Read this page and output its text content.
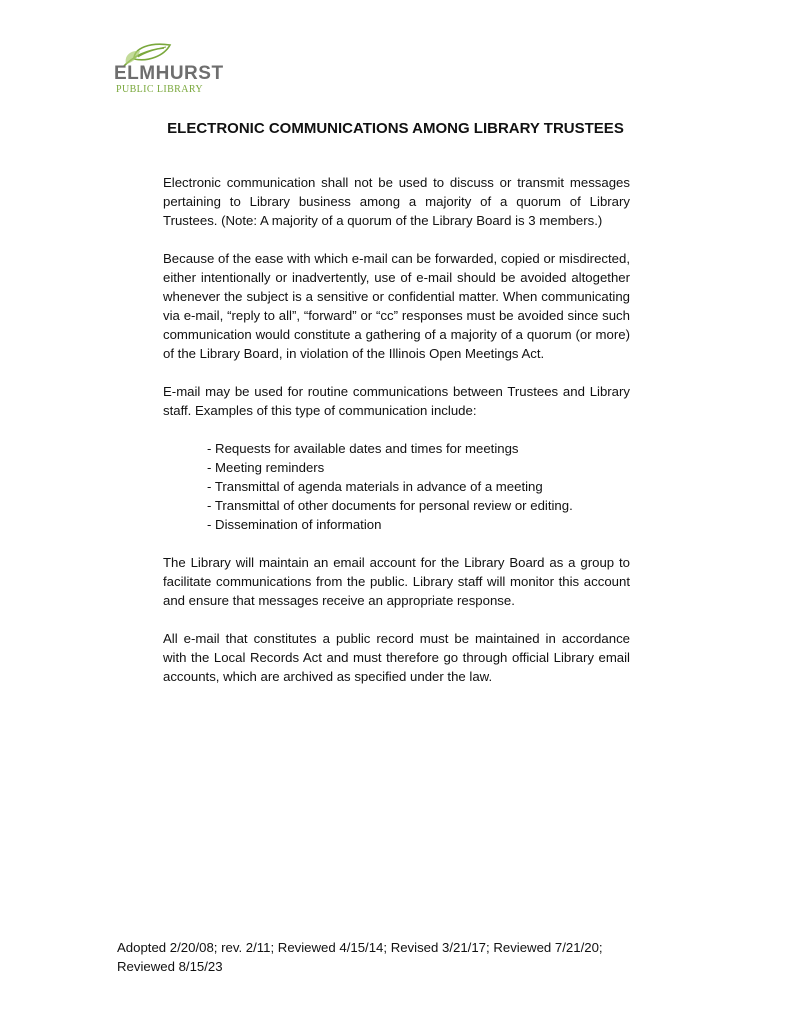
ELMHURST
PUBLIC LIBRARY
ELECTRONIC COMMUNICATIONS AMONG LIBRARY TRUSTEES

Electronic communication shall not be used to discuss or transmit messages pertaining to Library business among a majority of a quorum of Library Trustees. (Note: A majority of a quorum of the Library Board is 3 members.)

Because of the ease with which e-mail can be forwarded, copied or misdirected, either intentionally or inadvertently, use of e-mail should be avoided altogether whenever the subject is a sensitive or confidential matter. When communicating via e-mail, “reply to all”, “forward” or “cc” responses must be avoided since such communication would constitute a gathering of a majority of a quorum (or more) of the Library Board, in violation of the Illinois Open Meetings Act.

E-mail may be used for routine communications between Trustees and Library staff. Examples of this type of communication include:

- Requests for available dates and times for meetings
- Meeting reminders
- Transmittal of agenda materials in advance of a meeting
- Transmittal of other documents for personal review or editing.
- Dissemination of information

The Library will maintain an email account for the Library Board as a group to facilitate communications from the public. Library staff will monitor this account and ensure that messages receive an appropriate response.

All e-mail that constitutes a public record must be maintained in accordance with the Local Records Act and must therefore go through official Library email accounts, which are archived as specified under the law.

Adopted 2/20/08; rev. 2/11; Reviewed 4/15/14; Revised 3/21/17; Reviewed 7/21/20;
Reviewed 8/15/23
